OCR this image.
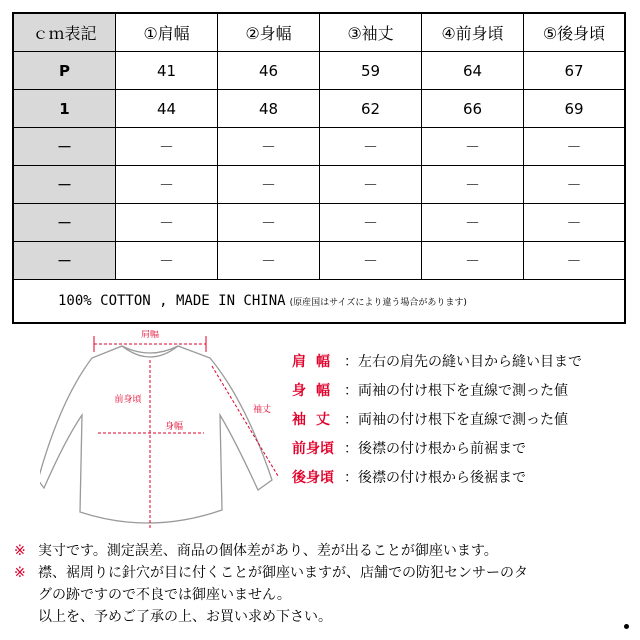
ｃｍ表記	①肩幅	②身幅	③袖丈	④前身頃	⑤後身頃
P	41	46	59	64	67
1	44	48	62	66	69
－	－	－	－	－	－
－	－	－	－	－	－
－	－	－	－	－	－
－	－	－	－	－	－
100% COTTON , MADE IN CHINA (原産国はサイズにより違う場合があります)
肩幅
前身頃
身幅
袖丈
肩幅 ： 左右の肩先の縫い目から縫い目まで
身幅 ： 両袖の付け根下を直線で測った値
袖丈 ： 両袖の付け根下を直線で測った値
前身頃 ： 後襟の付け根から前裾まで
後身頃 ： 後襟の付け根から後裾まで
※ 実寸です。測定誤差、商品の個体差があり、差が出ることが御座います。
※ 襟、裾周りに針穴が目に付くことが御座いますが、店舗での防犯センサーのタ
グの跡ですので不良では御座いません。
以上を、予めご了承の上、お買い求め下さい。
